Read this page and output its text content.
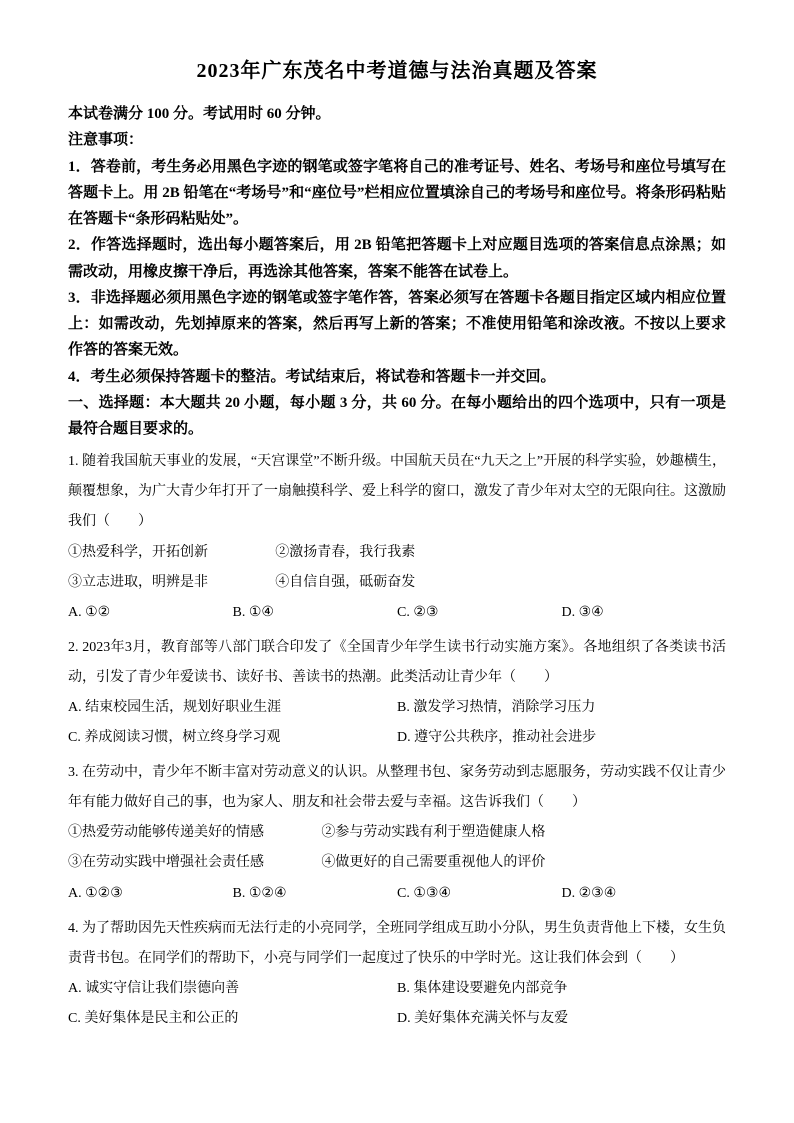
2023年广东茂名中考道德与法治真题及答案

本试卷满分 100 分。考试用时 60 分钟。

注意事项：

1．答卷前，考生务必用黑色字迹的钢笔或签字笔将自己的准考证号、姓名、考场号和座位号填写在答题卡上。用 2B 铅笔在“考场号”和“座位号”栏相应位置填涂自己的考场号和座位号。将条形码粘贴在答题卡“条形码粘贴处”。

2．作答选择题时，选出每小题答案后，用 2B 铅笔把答题卡上对应题目选项的答案信息点涂黑；如需改动，用橡皮擦干净后，再选涂其他答案，答案不能答在试卷上。

3．非选择题必须用黑色字迹的钢笔或签字笔作答，答案必须写在答题卡各题目指定区域内相应位置上：如需改动，先划掉原来的答案，然后再写上新的答案；不准使用铅笔和涂改液。不按以上要求作答的答案无效。

4．考生必须保持答题卡的整洁。考试结束后，将试卷和答题卡一并交回。

一、选择题：本大题共 20 小题，每小题 3 分，共 60 分。在每小题给出的四个选项中，只有一项是最符合题目要求的。

1. 随着我国航天事业的发展，“天宫课堂”不断升级。中国航天员在“九天之上”开展的科学实验，妙趣横生，颠覆想象，为广大青少年打开了一扇触摸科学、爱上科学的窗口，激发了青少年对太空的无限向往。这激励我们（　　）

①热爱科学，开拓创新	②激扬青春，我行我素
③立志进取，明辨是非	④自信自强，砥砺奋发
A. ①②	B. ①④	C. ②③	D. ③④

2. 2023年3月，教育部等八部门联合印发了《全国青少年学生读书行动实施方案》。各地组织了各类读书活动，引发了青少年爱读书、读好书、善读书的热潮。此类活动让青少年（　　）

A. 结束校园生活，规划好职业生涯	B. 激发学习热情，消除学习压力
C. 养成阅读习惯，树立终身学习观	D. 遵守公共秩序，推动社会进步

3. 在劳动中，青少年不断丰富对劳动意义的认识。从整理书包、家务劳动到志愿服务，劳动实践不仅让青少年有能力做好自己的事，也为家人、朋友和社会带去爱与幸福。这告诉我们（　　）

①热爱劳动能够传递美好的情感	②参与劳动实践有利于塑造健康人格
③在劳动实践中增强社会责任感	④做更好的自己需要重视他人的评价
A. ①②③	B. ①②④	C. ①③④	D. ②③④

4. 为了帮助因先天性疾病而无法行走的小亮同学，全班同学组成互助小分队，男生负责背他上下楼，女生负责背书包。在同学们的帮助下，小亮与同学们一起度过了快乐的中学时光。这让我们体会到（　　）

A. 诚实守信让我们崇德向善	B. 集体建设要避免内部竞争
C. 美好集体是民主和公正的	D. 美好集体充满关怀与友爱
